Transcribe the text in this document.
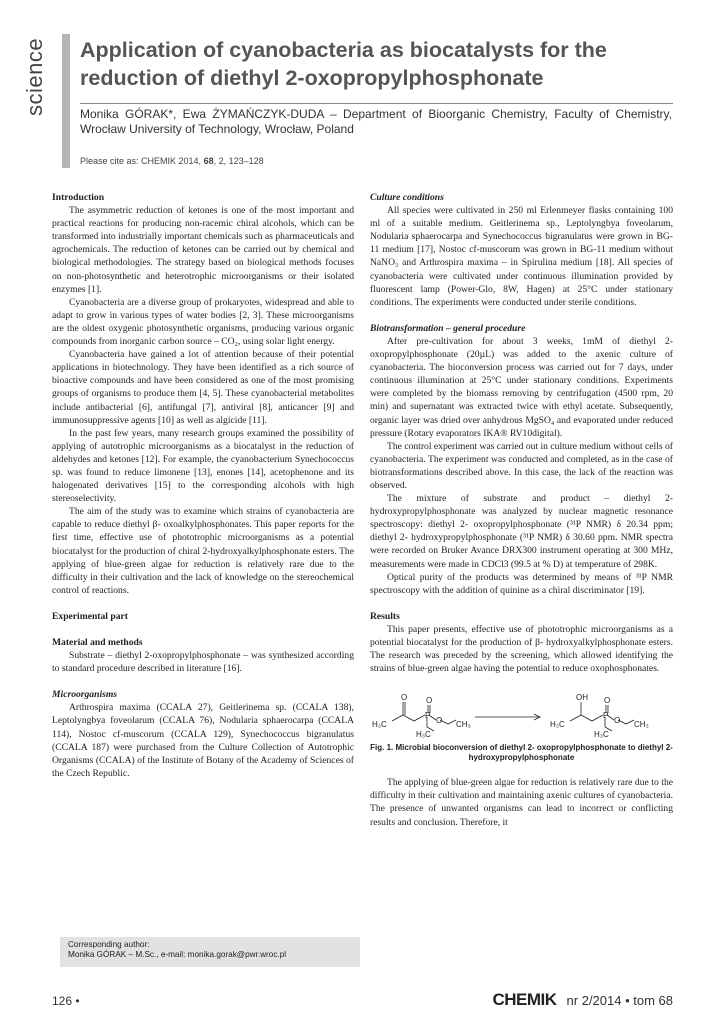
science Application of cyanobacteria as biocatalysts for the reduction of diethyl 2-oxopropylphosphonate

Monika GÓRAK*, Ewa ŻYMAŃCZYK-DUDA – Department of Bioorganic Chemistry, Faculty of Chemistry, Wrocław University of Technology, Wrocław, Poland

Please cite as: CHEMIK 2014, 68, 2, 123–128
Introduction

The asymmetric reduction of ketones is one of the most important and practical reactions for producing non-racemic chiral alcohols, which can be transformed into industrially important chemicals such as pharmaceuticals and agrochemicals. The reduction of ketones can be carried out by chemical and biological methodologies. The strategy based on biological methods focuses on non-photosynthetic and heterotrophic microorganisms or their isolated enzymes [1].

Cyanobacteria are a diverse group of prokaryotes, widespread and able to adapt to grow in various types of water bodies [2, 3]. These microorganisms are the oldest oxygenic photosynthetic organisms, producing various organic compounds from inorganic carbon source – CO₂, using solar light energy.

Cyanobacteria have gained a lot of attention because of their potential applications in biotechnology. They have been identified as a rich source of bioactive compounds and have been considered as one of the most promising groups of organisms to produce them [4, 5]. These cyanobacterial metabolites include antibacterial [6], antifungal [7], antiviral [8], anticancer [9] and immunosuppressive agents [10] as well as algicide [11].

In the past few years, many research groups examined the possibility of applying of autotrophic microorganisms as a biocatalyst in the reduction of aldehydes and ketones [12]. For example, the cyanobacterium Synechococcus sp. was found to reduce limonene [13], enones [14], acetophenone and its halogenated derivatives [15] to the corresponding alcohols with high stereoselectivity.

The aim of the study was to examine which strains of cyanobacteria are capable to reduce diethyl β- oxoalkylphosphonates. This paper reports for the first time, effective use of phototrophic microorganisms as a potential biocatalyst for the production of chiral 2-hydroxyalkylphosphonate esters. The applying of blue-green algae for reduction is relatively rare due to the difficulty in their cultivation and the lack of knowledge on the stereochemical control of reactions.

Experimental part
Material and methods

Substrate – diethyl 2-oxopropylphosphonate – was synthesized according to standard procedure described in literature [16].

Microorganisms

Arthrospira maxima (CCALA 27), Geitlerinema sp. (CCALA 138), Leptolyngbya foveolarum (CCALA 76), Nodularia sphaerocarpa (CCALA 114), Nostoc cf-muscorum (CCALA 129), Synechococcus bigranulatus (CCALA 187) were purchased from the Culture Collection of Autotrophic Organisms (CCALA) of the Institute of Botany of the Academy of Sciences of the Czech Republic.

Culture conditions

All species were cultivated in 250 ml Erlenmeyer flasks containing 100 ml of a suitable medium. Geitlerinema sp., Leptolyngbya foveolarum, Nodularia sphaerocarpa and Synechococcus bigranulatus were grown in BG-11 medium [17], Nostoc cf-muscorum was grown in BG-11 medium without NaNO₃ and Arthrospira maxima – in Spirulina medium [18]. All species of cyanobacteria were cultivated under continuous illumination provided by fluorescent lamp (Power-Glo, 8W, Hagen) at 25°C under stationary conditions. The experiments were conducted under sterile conditions.

Biotransformation – general procedure

After pre-cultivation for about 3 weeks, 1mM of diethyl 2-oxopropylphosphonate (20µL) was added to the axenic culture of cyanobacteria. The bioconversion process was carried out for 7 days, under continuous illumination at 25°C under stationary conditions. Experiments were completed by the biomass removing by centrifugation (4500 rpm, 20 min) and supernatant was extracted twice with ethyl acetate. Subsequently, organic layer was dried over anhydrous MgSO₄ and evaporated under reduced pressure (Rotary evaporators IKA® RV10digital).

The control experiment was carried out in culture medium without cells of cyanobacteria. The experiment was conducted and completed, as in the case of biotransformations described above. In this case, the lack of the reaction was observed.

The mixture of substrate and product – diethyl 2-hydroxypropylphosphonate was analyzed by nuclear magnetic resonance spectroscopy: diethyl 2- oxopropylphosphonate (³¹P NMR) δ 20.34 ppm; diethyl 2- hydroxypropylphosphonate (³¹P NMR) δ 30.60 ppm. NMR spectra were recorded on Bruker Avance DRX300 instrument operating at 300 MHz, measurements were made in CDCl3 (99.5 at % D) at temperature of 298K.

Optical purity of the products was determined by means of ³¹P NMR spectroscopy with the addition of quinine as a chiral discriminator [19].

Results

This paper presents, effective use of phototrophic microorganisms as a potential biocatalyst for the production of β- hydroxyalkylphosphonate esters. The research was preceded by the screening, which allowed identifying the strains of blue-green algae having the potential to reduce oxophosphonates.

O
H₃C
P
O
O CH₃
H₃C
OH
H₃C
P
O
O CH₃
H₃C
Fig. 1. Microbial bioconversion of diethyl 2- oxopropylphosphonate to diethyl 2-hydroxypropylphosphonate

The applying of blue-green algae for reduction is relatively rare due to the difficulty in their cultivation and maintaining axenic cultures of cyanobacteria. The presence of unwanted organisms can lead to incorrect or conflicting results and conclusion. Therefore, it

Corresponding author:
Monika GÓRAK – M.Sc., e-mail: monika.gorak@pwr.wroc.pl
126 •	CHEMIK nr 2/2014 • tom 68
